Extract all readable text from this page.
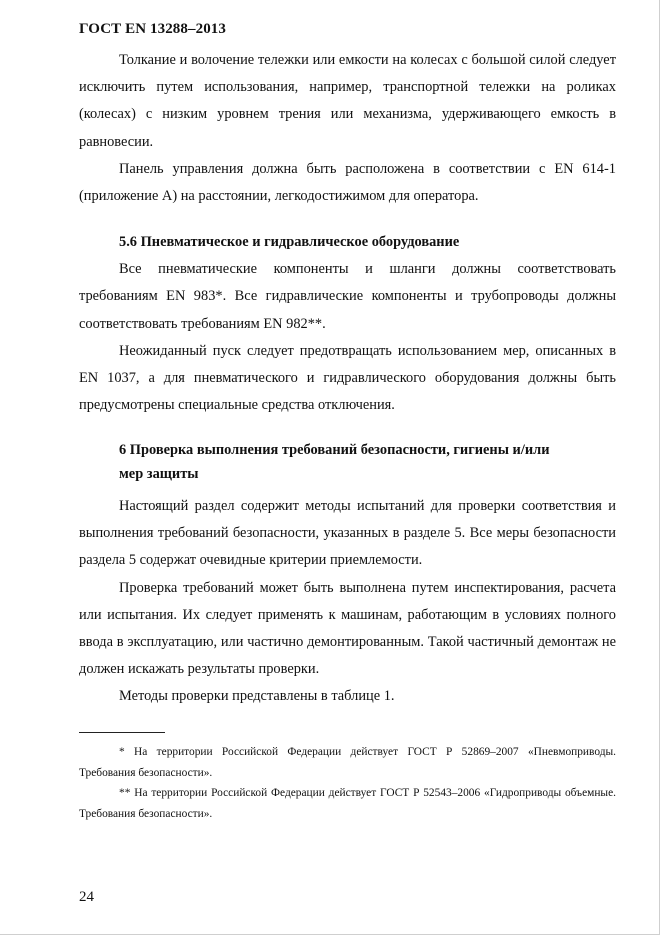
ГОСТ EN 13288–2013

Толкание и волочение тележки или емкости на колесах с большой силой следует исключить путем использования, например, транспортной тележки на роликах (колесах) с низким уровнем трения или механизма, удерживающего емкость в равновесии.

Панель управления должна быть расположена в соответствии с EN 614-1 (приложение А) на расстоянии, легкодостижимом для оператора.

5.6 Пневматическое и гидравлическое оборудование

Все пневматические компоненты и шланги должны соответствовать требованиям EN 983*. Все гидравлические компоненты и трубопроводы должны соответствовать требованиям EN 982**.

Неожиданный пуск следует предотвращать использованием мер, описанных в EN 1037, а для пневматического и гидравлического оборудования должны быть предусмотрены специальные средства отключения.

6 Проверка выполнения требований безопасности, гигиены и/или
мер защиты

Настоящий раздел содержит методы испытаний для проверки соответствия и выполнения требований безопасности, указанных в разделе 5. Все меры безопасности раздела 5 содержат очевидные критерии приемлемости.

Проверка требований может быть выполнена путем инспектирования, расчета или испытания. Их следует применять к машинам, работающим в условиях полного ввода в эксплуатацию, или частично демонтированным. Такой частичный демонтаж не должен искажать результаты проверки.

Методы проверки представлены в таблице 1.

* На территории Российской Федерации действует ГОСТ Р 52869–2007 «Пневмоприводы. Требования безопасности».

** На территории Российской Федерации действует ГОСТ Р 52543–2006 «Гидроприводы объемные. Требования безопасности».

24
